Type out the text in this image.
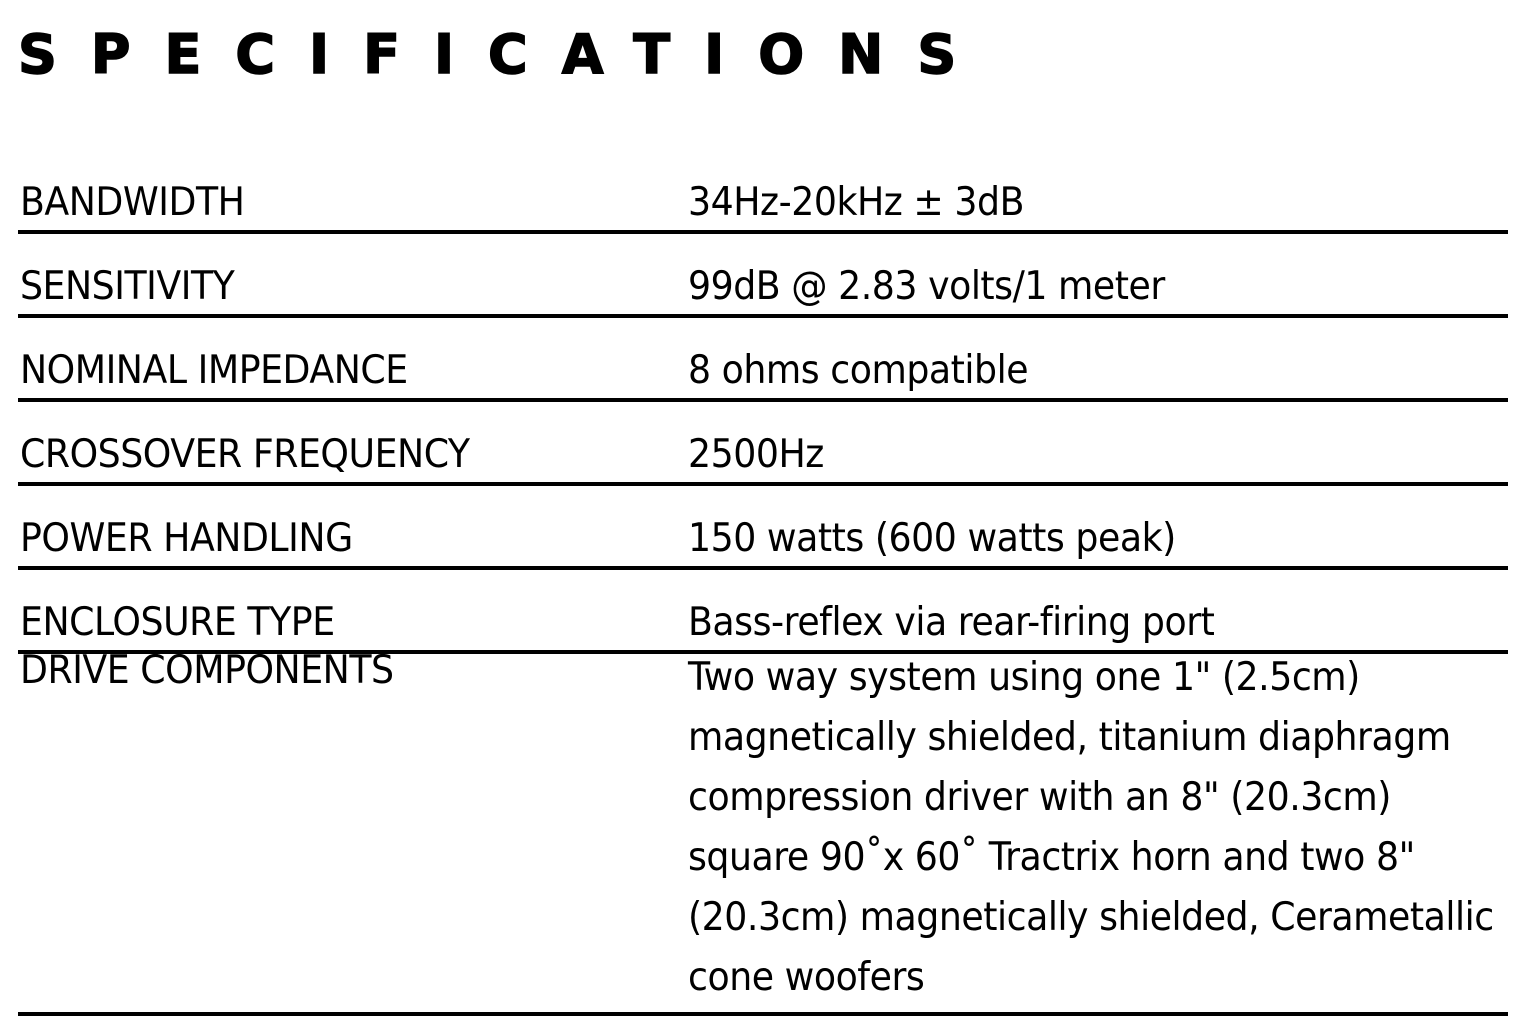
SPECIFICATIONS
BANDWIDTH	34Hz-20kHz ± 3dB
SENSITIVITY	99dB @ 2.83 volts/1 meter
NOMINAL IMPEDANCE	8 ohms compatible
CROSSOVER FREQUENCY	2500Hz
POWER HANDLING	150 watts (600 watts peak)
ENCLOSURE TYPE	Bass-reflex via rear-firing port
DRIVE COMPONENTS	Two way system using one 1" (2.5cm)
magnetically shielded, titanium diaphragm
compression driver with an 8" (20.3cm)
square 90˚x 60˚ Tractrix horn and two 8"
(20.3cm) magnetically shielded, Cerametallic
cone woofers
